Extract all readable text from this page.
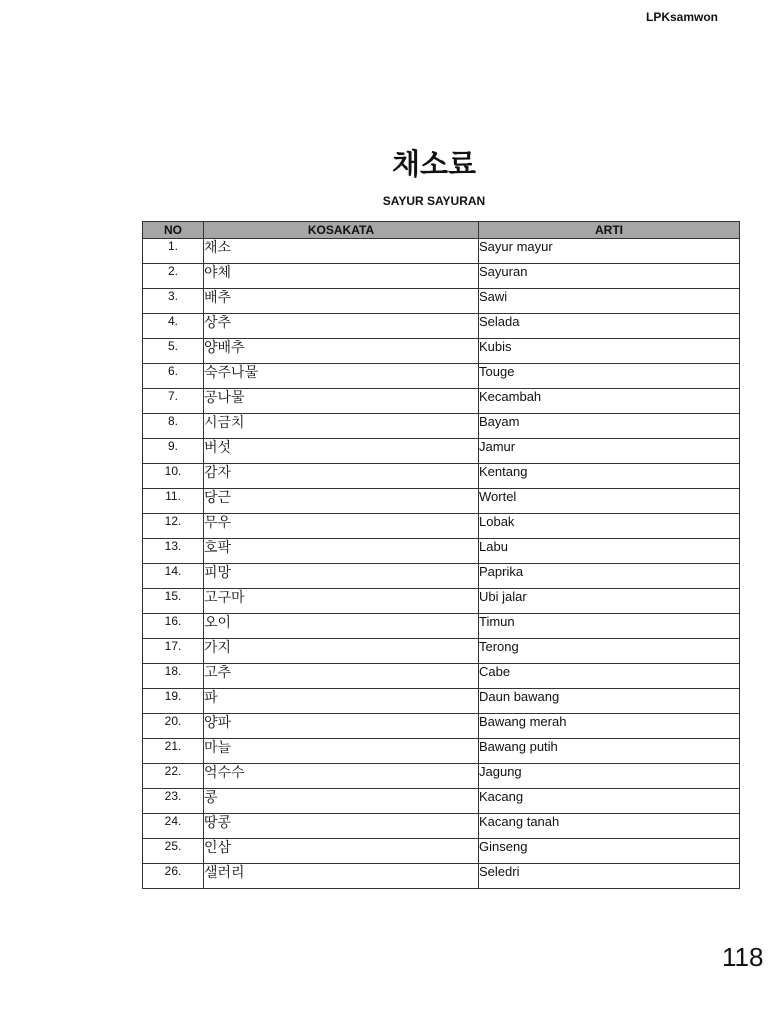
LPKsamwon
채소료
SAYUR SAYURAN
NO	KOSAKATA	ARTI
1.	채소	Sayur mayur
2.	야체	Sayuran
3.	배추	Sawi
4.	상추	Selada
5.	양배추	Kubis
6.	숙주나물	Touge
7.	공나물	Kecambah
8.	시금치	Bayam
9.	버섯	Jamur
10.	감자	Kentang
11.	당근	Wortel
12.	무우	Lobak
13.	호팍	Labu
14.	피망	Paprika
15.	고구마	Ubi jalar
16.	오이	Timun
17.	가지	Terong
18.	고추	Cabe
19.	파	Daun bawang
20.	양파	Bawang merah
21.	마늘	Bawang putih
22.	억수수	Jagung
23.	콩	Kacang
24.	땅콩	Kacang tanah
25.	인삼	Ginseng
26.	샐러리	Seledri
118
